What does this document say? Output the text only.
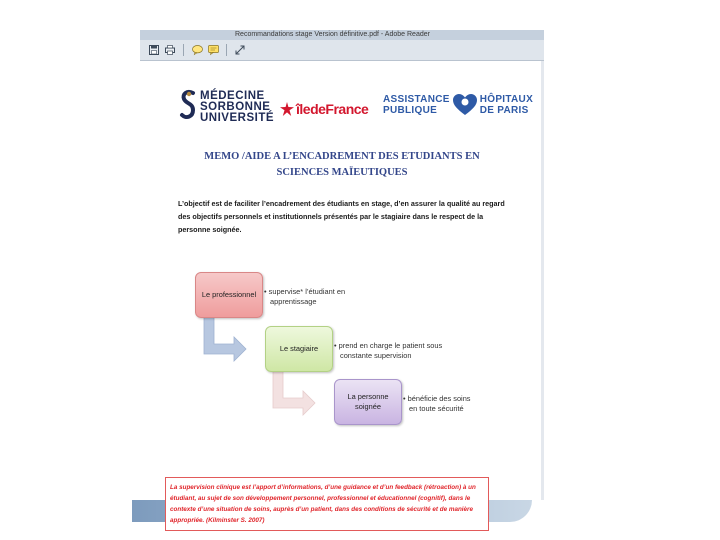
Recommandations stage Version définitive.pdf - Adobe Reader
MÉDECINE
SORBONNE
UNIVERSITÉ
îledeFrance
ASSISTANCE
PUBLIQUE
HÔPITAUX
DE PARIS
MEMO /AIDE A L’ENCADREMENT DES ETUDIANTS EN
SCIENCES MAÏEUTIQUES
L’objectif est de faciliter l’encadrement des étudiants en stage, d’en assurer la qualité au regard des objectifs personnels et institutionnels présentés par le stagiaire dans le respect de la personne soignée.
Le professionnel
Le stagiaire
La personne soignée
• supervise* l’étudiant en
apprentissage
• prend en charge le patient sous
constante supervision
• bénéficie des soins
en toute sécurité
La supervision clinique est l’apport d’informations, d’une guidance et d’un feedback (rétroaction) à un étudiant, au sujet de son développement personnel, professionnel et éducationnel (cognitif), dans le contexte d’une situation de soins, auprès d’un patient, dans des conditions de sécurité et de manière appropriée. (Kilminster S. 2007)
